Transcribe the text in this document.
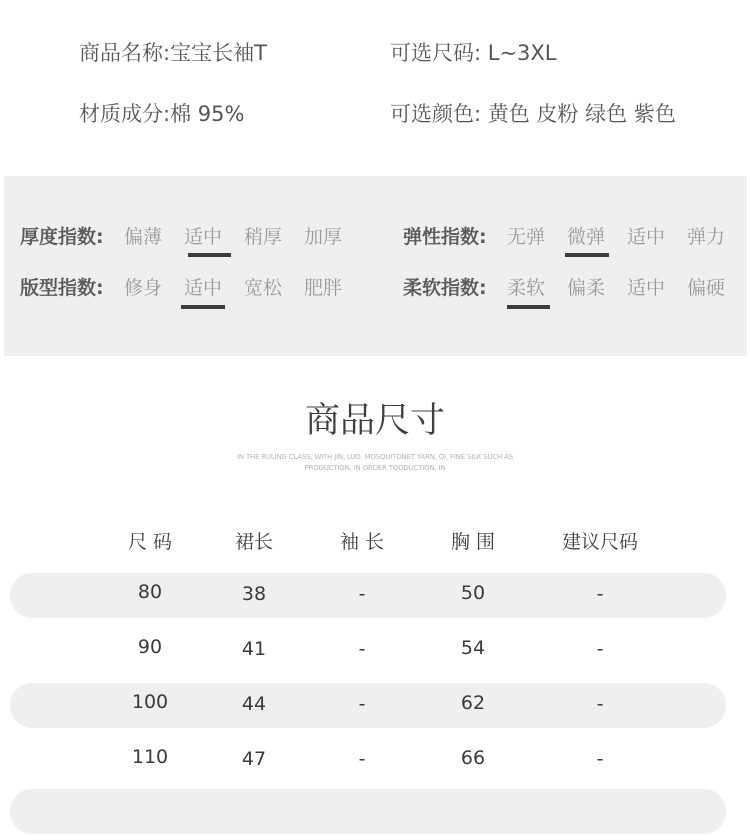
商品名称:宝宝长袖T
材质成分:棉 95%
可选尺码: L~3XL
可选颜色: 黄色 皮粉 绿色 紫色
厚度指数: 偏薄 适中 稍厚 加厚	弹性指数: 无弹 微弹 适中 弹力
版型指数: 修身 适中 宽松 肥胖	柔软指数: 柔软 偏柔 适中 偏硬
商品尺寸
IN THE RULING CLASS, WITH JIN, LUO, MOSQUITONET YARN, QI, FINE SILK SUCH AS
PRODUCTION, IN ORDER TOODUCTION, IN
尺 码	裙长	袖 长	胸 围	建议尺码
80	38	-	50	-
90	41	-	54	-
100	44	-	62	-
110	47	-	66	-
